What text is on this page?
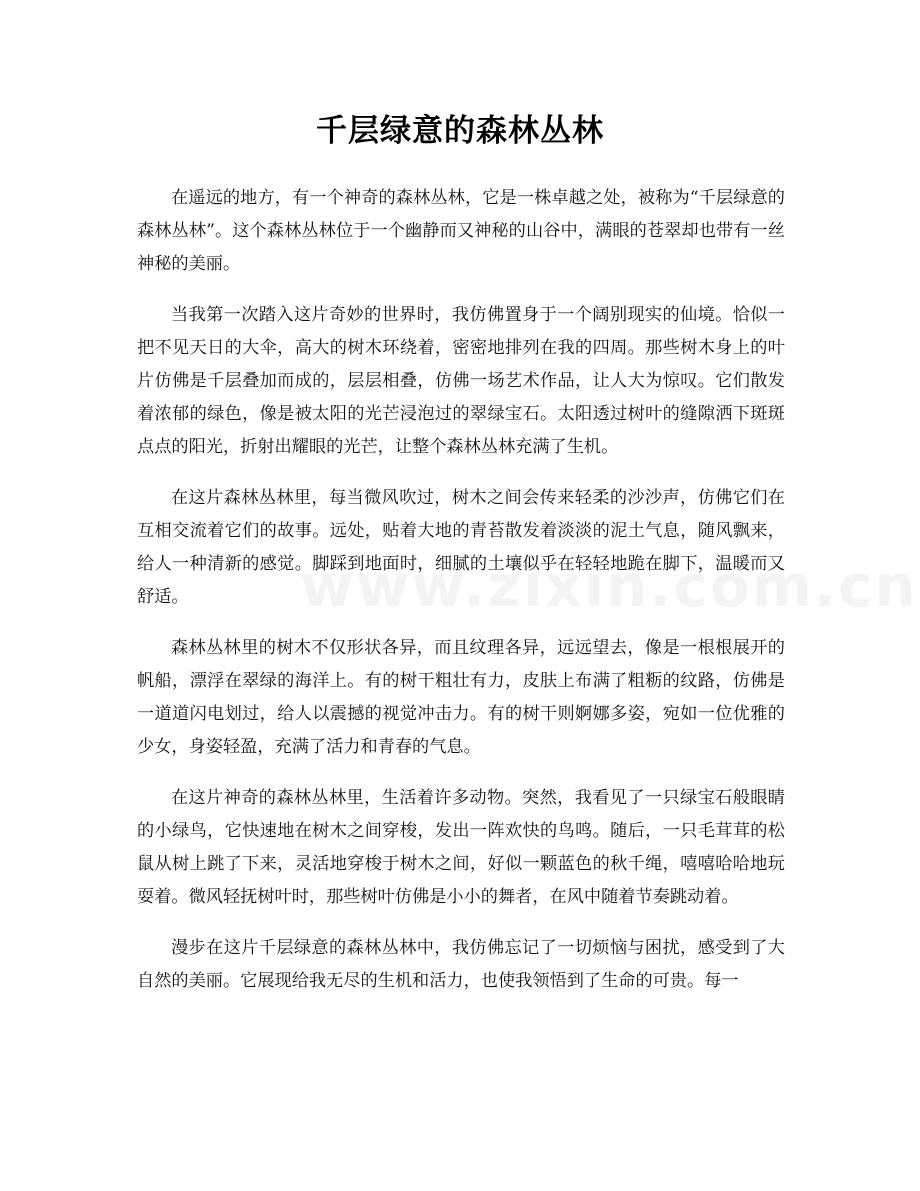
千层绿意的森林丛林

在遥远的地方，有一个神奇的森林丛林，它是一株卓越之处，被称为“千层绿意的森林丛林”。这个森林丛林位于一个幽静而又神秘的山谷中，满眼的苍翠却也带有一丝神秘的美丽。

当我第一次踏入这片奇妙的世界时，我仿佛置身于一个阔别现实的仙境。恰似一把不见天日的大伞，高大的树木环绕着，密密地排列在我的四周。那些树木身上的叶片仿佛是千层叠加而成的，层层相叠，仿佛一场艺术作品，让人大为惊叹。它们散发着浓郁的绿色，像是被太阳的光芒浸泡过的翠绿宝石。太阳透过树叶的缝隙洒下斑斑点点的阳光，折射出耀眼的光芒，让整个森林丛林充满了生机。

在这片森林丛林里，每当微风吹过，树木之间会传来轻柔的沙沙声，仿佛它们在互相交流着它们的故事。远处，贴着大地的青苔散发着淡淡的泥土气息，随风飘来，给人一种清新的感觉。脚踩到地面时，细腻的土壤似乎在轻轻地跪在脚下，温暖而又舒适。

森林丛林里的树木不仅形状各异，而且纹理各异，远远望去，像是一根根展开的帆船，漂浮在翠绿的海洋上。有的树干粗壮有力，皮肤上布满了粗粝的纹路，仿佛是一道道闪电划过，给人以震撼的视觉冲击力。有的树干则婀娜多姿，宛如一位优雅的少女，身姿轻盈，充满了活力和青春的气息。

在这片神奇的森林丛林里，生活着许多动物。突然，我看见了一只绿宝石般眼睛的小绿鸟，它快速地在树木之间穿梭，发出一阵欢快的鸟鸣。随后，一只毛茸茸的松鼠从树上跳了下来，灵活地穿梭于树木之间，好似一颗蓝色的秋千绳，嘻嘻哈哈地玩耍着。微风轻抚树叶时，那些树叶仿佛是小小的舞者，在风中随着节奏跳动着。

漫步在这片千层绿意的森林丛林中，我仿佛忘记了一切烦恼与困扰，感受到了大自然的美丽。它展现给我无尽的生机和活力，也使我领悟到了生命的可贵。每一
